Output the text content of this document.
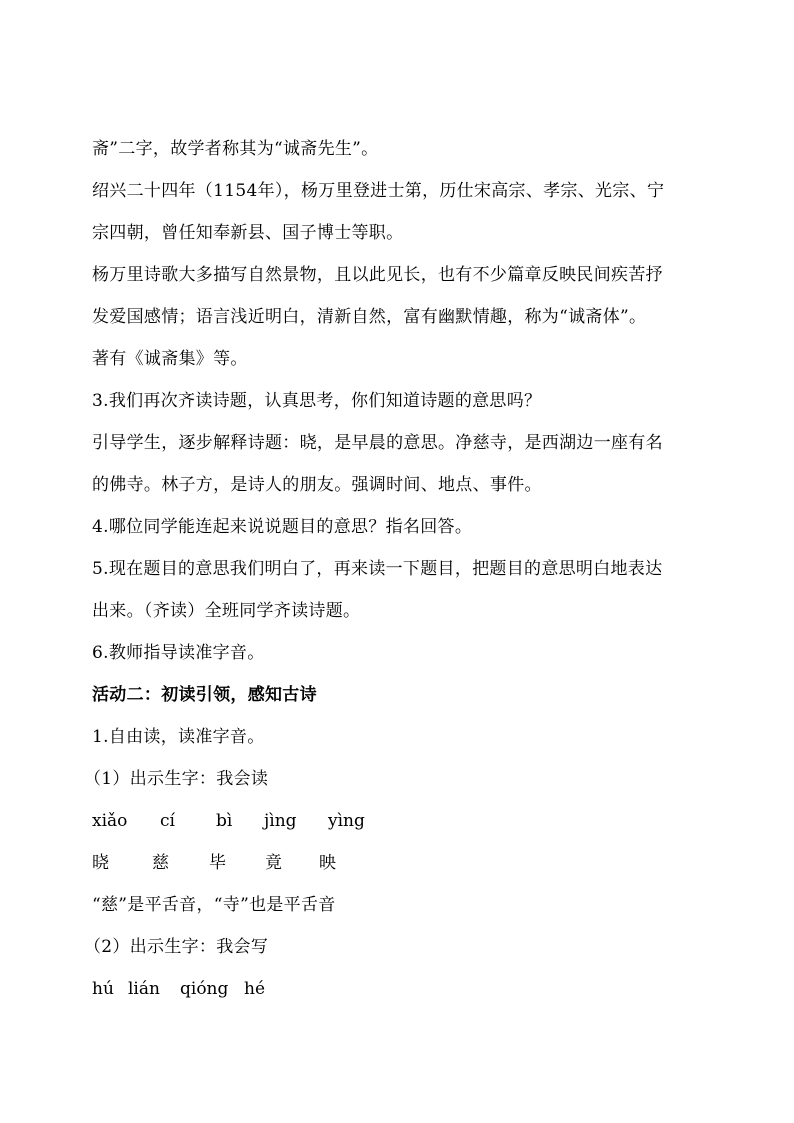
斋”二字，故学者称其为“诚斋先生”。
绍兴二十四年（1154年），杨万里登进士第，历仕宋高宗、孝宗、光宗、宁
宗四朝，曾任知奉新县、国子博士等职。
杨万里诗歌大多描写自然景物，且以此见长，也有不少篇章反映民间疾苦抒
发爱国感情；语言浅近明白，清新自然，富有幽默情趣，称为“诚斋体”。
著有《诚斋集》等。
3.我们再次齐读诗题，认真思考，你们知道诗题的意思吗？
引导学生，逐步解释诗题：晓，是早晨的意思。净慈寺，是西湖边一座有名
的佛寺。林子方，是诗人的朋友。强调时间、地点、事件。
4.哪位同学能连起来说说题目的意思？指名回答。
5.现在题目的意思我们明白了，再来读一下题目，把题目的意思明白地表达
出来。（齐读）全班同学齐读诗题。
6.教师指导读准字音。
活动二：初读引领，感知古诗
1.自由读，读准字音。
（1）出示生字：我会读
xiǎo	cí	bì	jìng	yìng
晓	慈	毕	竟	映
“慈”是平舌音，“寺”也是平舌音
（2）出示生字：我会写
hú lián	qióng hé
